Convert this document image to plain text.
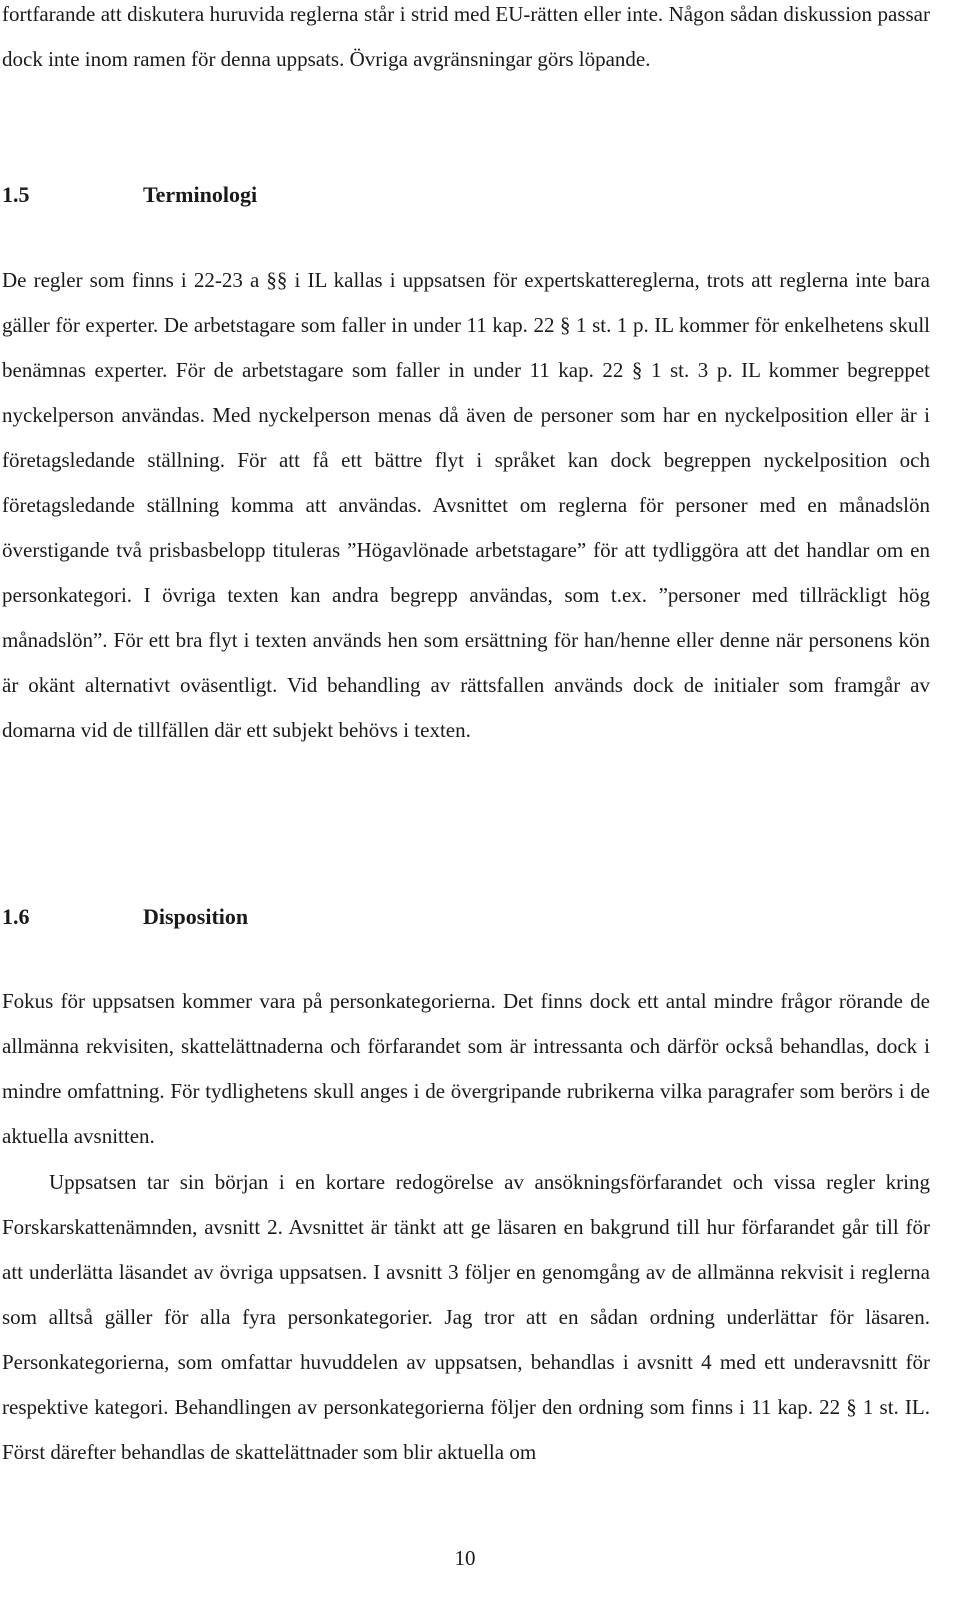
fortfarande att diskutera huruvida reglerna står i strid med EU-rätten eller inte. Någon sådan diskussion passar dock inte inom ramen för denna uppsats. Övriga avgränsningar görs löpande.

1.5	Terminologi

De regler som finns i 22-23 a §§ i IL kallas i uppsatsen för expertskattereglerna, trots att reglerna inte bara gäller för experter. De arbetstagare som faller in under 11 kap. 22 § 1 st. 1 p. IL kommer för enkelhetens skull benämnas experter. För de arbetstagare som faller in under 11 kap. 22 § 1 st. 3 p. IL kommer begreppet nyckelperson användas. Med nyckelperson menas då även de personer som har en nyckelposition eller är i företagsledande ställning. För att få ett bättre flyt i språket kan dock begreppen nyckelposition och företagsledande ställning komma att användas. Avsnittet om reglerna för personer med en månadslön överstigande två prisbasbelopp tituleras ”Högavlönade arbetstagare” för att tydliggöra att det handlar om en personkategori. I övriga texten kan andra begrepp användas, som t.ex. ”personer med tillräckligt hög månadslön”. För ett bra flyt i texten används hen som ersättning för han/henne eller denne när personens kön är okänt alternativt oväsentligt. Vid behandling av rättsfallen används dock de initialer som framgår av domarna vid de tillfällen där ett subjekt behövs i texten.

1.6	Disposition

Fokus för uppsatsen kommer vara på personkategorierna. Det finns dock ett antal mindre frågor rörande de allmänna rekvisiten, skattelättnaderna och förfarandet som är intressanta och därför också behandlas, dock i mindre omfattning. För tydlighetens skull anges i de övergripande rubrikerna vilka paragrafer som berörs i de aktuella avsnitten.

Uppsatsen tar sin början i en kortare redogörelse av ansökningsförfarandet och vissa regler kring Forskarskattenämnden, avsnitt 2. Avsnittet är tänkt att ge läsaren en bakgrund till hur förfarandet går till för att underlätta läsandet av övriga uppsatsen. I avsnitt 3 följer en genomgång av de allmänna rekvisit i reglerna som alltså gäller för alla fyra personkategorier. Jag tror att en sådan ordning underlättar för läsaren. Personkategorierna, som omfattar huvuddelen av uppsatsen, behandlas i avsnitt 4 med ett underavsnitt för respektive kategori. Behandlingen av personkategorierna följer den ordning som finns i 11 kap. 22 § 1 st. IL. Först därefter behandlas de skattelättnader som blir aktuella om

10
